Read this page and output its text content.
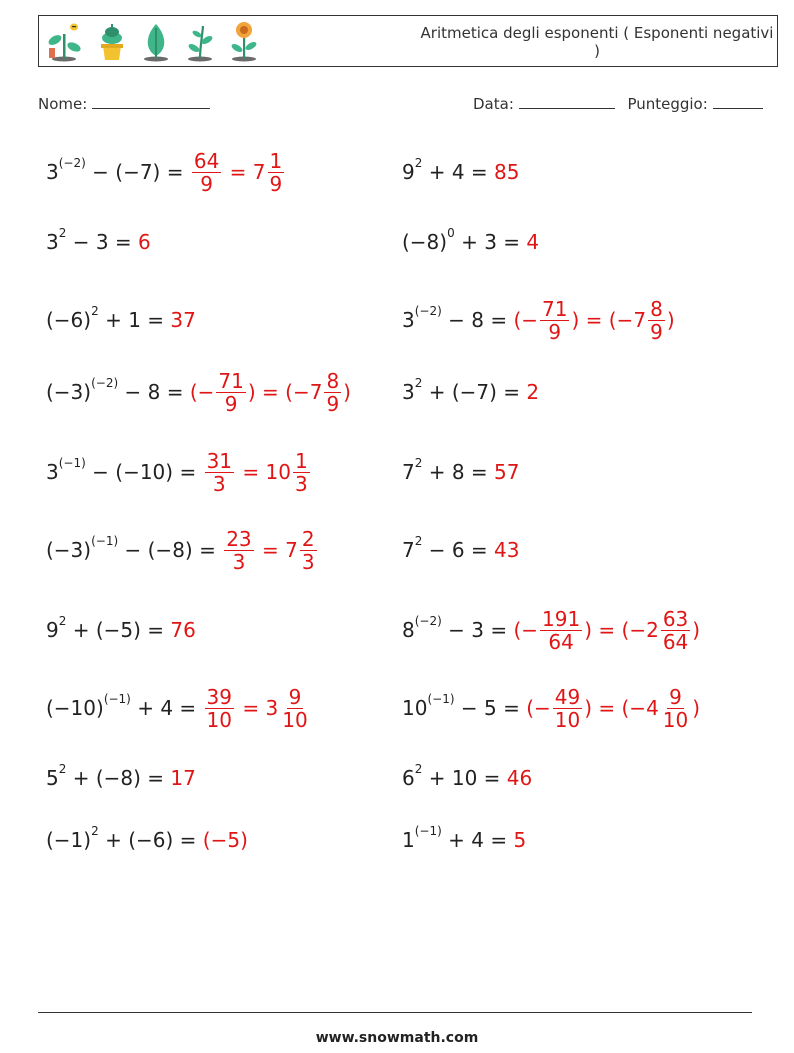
Aritmetica degli esponenti ( Esponenti negativi )
Nome:	Data:	Punteggio:
3 $(-2) - (-7) = \frac{64}{9} = 7 \frac{1}{9}$	9 2 + 4 = 85
3 2 − 3 = 6	(−8) 0 + 3 = 4
(−6) 2 + 1 = 37	3 (−2) − 8 = (− $\frac{71}{9}$ ) = (− $7 \frac{8}{9}$ )
(−3) (−2) − 8 = (− $\frac{71}{9}$ ) = (− $7 \frac{8}{9}$ )	3 2 + (−7) = 2
3 $(-1) - (-10) = \frac{31}{3} = 10 \frac{1}{3}$	7 2 + 8 = 57
(−3) $(-1) - (-8) = \frac{23}{3} = 7 \frac{2}{3}$	7 2 − 6 = 43
9 2 + (−5) = 76	8 (−2) − 3 = (− $\frac{191}{64}$ ) = (− $2 \frac{63}{64}$ )
(−10) $(-1) + 4 = \frac{39}{10} = 3 \frac{9}{10}$	10 (−1) − 5 = (− $\frac{49}{10}$ ) = (− $4 \frac{9}{10}$ )
5 2 + (−8) = 17	6 2 + 10 = 46
(−1) 2 + (−6) = (−5)	1 (−1) + 4 = 5
www.snowmath.com
